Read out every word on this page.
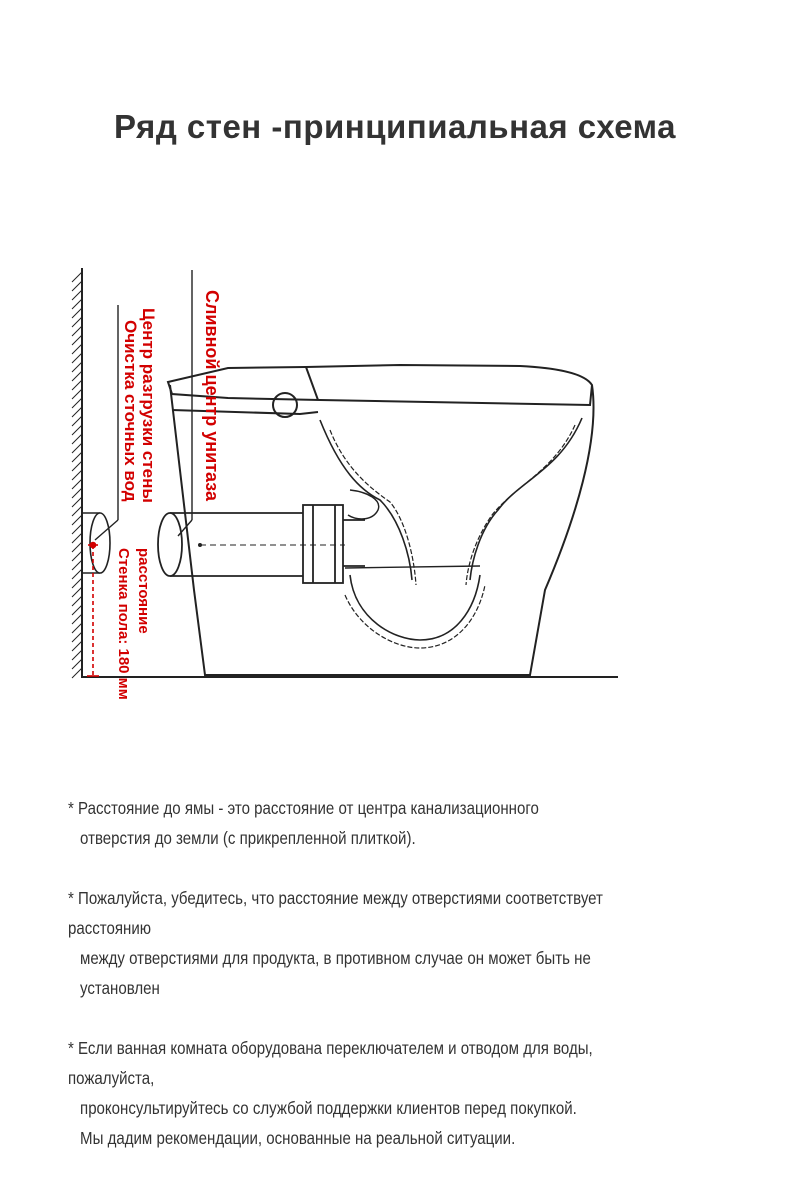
Ряд стен -принципиальная схема
Сливной центр унитаза
Центр разгрузки стены
Очистка сточных вод
расстояние
Стенка пола: 180 мм
* Расстояние до ямы - это расстояние от центра канализационного
отверстия до земли (с прикрепленной плиткой).
* Пожалуйста, убедитесь, что расстояние между отверстиями соответствует расстоянию
между отверстиями для продукта, в противном случае он может быть не установлен
* Если ванная комната оборудована переключателем и отводом для воды, пожалуйста,
проконсультируйтесь со службой поддержки клиентов перед покупкой.
Мы дадим рекомендации, основанные на реальной ситуации.
